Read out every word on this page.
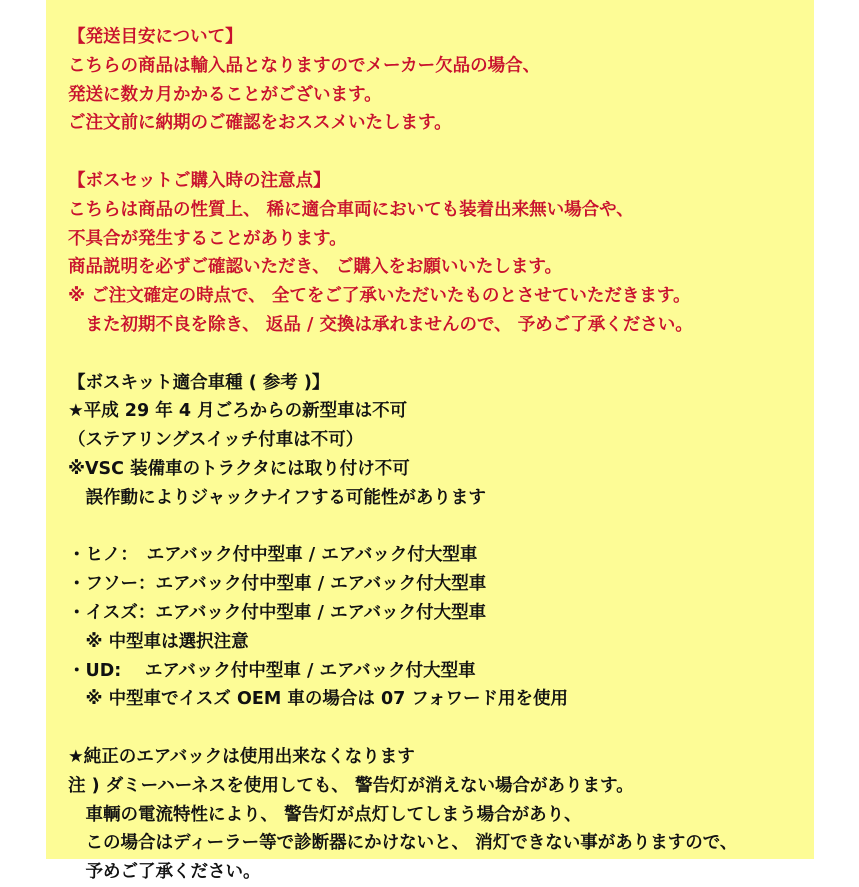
【発送目安について】
こちらの商品は輸入品となりますのでメーカー欠品の場合、
発送に数カ月かかることがございます。
ご注文前に納期のご確認をおススメいたします。
【ボスセットご購入時の注意点】
こちらは商品の性質上、 稀に適合車両においても装着出来無い場合や、
不具合が発生することがあります。
商品説明を必ずご確認いただき、 ご購入をお願いいたします。
※ ご注文確定の時点で、 全てをご了承いただいたものとさせていただきます。
　また初期不良を除き、 返品 / 交換は承れませんので、 予めご了承ください。
【ボスキット適合車種 ( 参考 )】
★平成 29 年 4 月ごろからの新型車は不可
（ステアリングスイッチ付車は不可）
※VSC 装備車のトラクタには取り付け不可
　誤作動によりジャックナイフする可能性があります
・ヒノ：　エアバック付中型車 / エアバック付大型車
・フソー：エアバック付中型車 / エアバック付大型車
・イスズ：エアバック付中型車 / エアバック付大型車
　※ 中型車は選択注意
・UD:　 エアバック付中型車 / エアバック付大型車
　※ 中型車でイスズ OEM 車の場合は 07 フォワード用を使用
★純正のエアバックは使用出来なくなります
注 ) ダミーハーネスを使用しても、 警告灯が消えない場合があります。
　車輌の電流特性により、 警告灯が点灯してしまう場合があり、
　この場合はディーラー等で診断器にかけないと、 消灯できない事がありますので、
　予めご了承ください。
